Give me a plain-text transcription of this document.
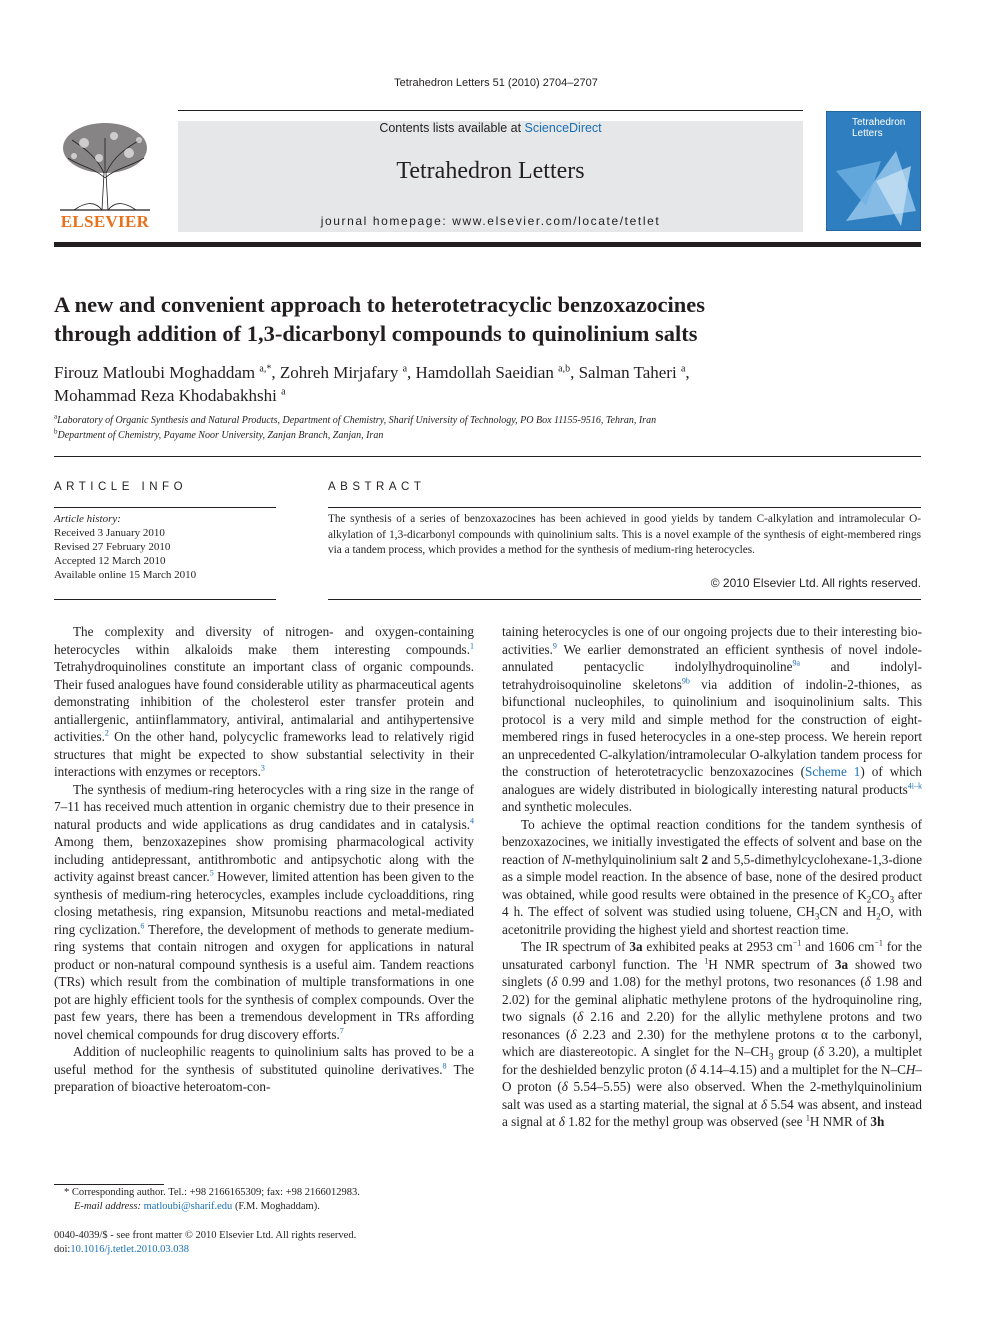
Tetrahedron Letters 51 (2010) 2704–2707
ELSEVIER
Contents lists available at ScienceDirect
Tetrahedron Letters
journal homepage: www.elsevier.com/locate/tetlet
Tetrahedron
Letters
A new and convenient approach to heterotetracyclic benzoxazocines
through addition of 1,3-dicarbonyl compounds to quinolinium salts
Firouz Matloubi Moghaddam $^{a,*}$, Zohreh Mirjafary $^a$, Hamdollah Saeidian $^{a,b}$, Salman Taheri $^a$,
Mohammad Reza Khodabakhshi $^a$
$^a$Laboratory of Organic Synthesis and Natural Products, Department of Chemistry, Sharif University of Technology, PO Box 11155-9516, Tehran, Iran
$^b$Department of Chemistry, Payame Noor University, Zanjan Branch, Zanjan, Iran
ARTICLE INFO
Article history:
Received 3 January 2010
Revised 27 February 2010
Accepted 12 March 2010
Available online 15 March 2010
ABSTRACT
The synthesis of a series of benzoxazocines has been achieved in good yields by tandem C-alkylation and intramolecular O-alkylation of 1,3-dicarbonyl compounds with quinolinium salts. This is a novel example of the synthesis of eight-membered rings via a tandem process, which provides a method for the synthesis of medium-ring heterocycles.
© 2010 Elsevier Ltd. All rights reserved.

The complexity and diversity of nitrogen- and oxygen-containing heterocycles within alkaloids make them interesting compounds.$^1$ Tetrahydroquinolines constitute an important class of organic compounds. Their fused analogues have found considerable utility as pharmaceutical agents demonstrating inhibition of the cholesterol ester transfer protein and antiallergenic, antiinflammatory, antiviral, antimalarial and antihypertensive activities.$^2$ On the other hand, polycyclic frameworks lead to relatively rigid structures that might be expected to show substantial selectivity in their interactions with enzymes or receptors.$^3$

The synthesis of medium-ring heterocycles with a ring size in the range of 7–11 has received much attention in organic chemistry due to their presence in natural products and wide applications as drug candidates and in catalysis.$^4$ Among them, benzoxazepines show promising pharmacological activity including antidepressant, antithrombotic and antipsychotic along with the activity against breast cancer.$^5$ However, limited attention has been given to the synthesis of medium-ring heterocycles, examples include cycloadditions, ring closing metathesis, ring expansion, Mitsunobu reactions and metal-mediated ring cyclization.$^6$ Therefore, the development of methods to generate medium-ring systems that contain nitrogen and oxygen for applications in natural product or non-natural compound synthesis is a useful aim. Tandem reactions (TRs) which result from the combination of multiple transformations in one pot are highly efficient tools for the synthesis of complex compounds. Over the past few years, there has been a tremendous development in TRs affording novel chemical compounds for drug discovery efforts.$^7$

Addition of nucleophilic reagents to quinolinium salts has proved to be a useful method for the synthesis of substituted quinoline derivatives.$^8$ The preparation of bioactive heteroatom-con-

taining heterocycles is one of our ongoing projects due to their interesting bio-activities.$^9$ We earlier demonstrated an efficient synthesis of novel indole-annulated pentacyclic indolylhydroquinoline$^{9a}$ and indolyl-tetrahydroisoquinoline skeletons$^{9b}$ via addition of indolin-2-thiones, as bifunctional nucleophiles, to quinolinium and isoquinolinium salts. This protocol is a very mild and simple method for the construction of eight-membered rings in fused heterocycles in a one-step process. We herein report an unprecedented C-alkylation/intramolecular O-alkylation tandem process for the construction of heterotetracyclic benzoxazocines (Scheme 1) of which analogues are widely distributed in biologically interesting natural products$^{4i-k}$ and synthetic molecules.

To achieve the optimal reaction conditions for the tandem synthesis of benzoxazocines, we initially investigated the effects of solvent and base on the reaction of N-methylquinolinium salt 2 and 5,5-dimethylcyclohexane-1,3-dione as a simple model reaction. In the absence of base, none of the desired product was obtained, while good results were obtained in the presence of $K_2CO_3$ after 4 h. The effect of solvent was studied using toluene, $CH_3CN$ and $H_2O$, with acetonitrile providing the highest yield and shortest reaction time.

The IR spectrum of 3a exhibited peaks at 2953 $cm^{-1}$ and 1606 $cm^{-1}$ for the unsaturated carbonyl function. The $^1$H NMR spectrum of 3a showed two singlets (δ 0.99 and 1.08) for the methyl protons, two resonances (δ 1.98 and 2.02) for the geminal aliphatic methylene protons of the hydroquinoline ring, two signals (δ 2.16 and 2.20) for the allylic methylene protons and two resonances (δ 2.23 and 2.30) for the methylene protons α to the carbonyl, which are diastereotopic. A singlet for the $N-CH_3$ group (δ 3.20), a multiplet for the deshielded benzylic proton (δ 4.14–4.15) and a multiplet for the N–CH–O proton (δ 5.54–5.55) were also observed. When the 2-methylquinolinium salt was used as a starting material, the signal at δ 5.54 was absent, and instead a signal at δ 1.82 for the methyl group was observed (see $^1$H NMR of 3h

* Corresponding author. Tel.: +98 2166165309; fax: +98 2166012983.
E-mail address: matloubi@sharif.edu (F.M. Moghaddam).
0040-4039/$ - see front matter © 2010 Elsevier Ltd. All rights reserved.
doi:10.1016/j.tetlet.2010.03.038
